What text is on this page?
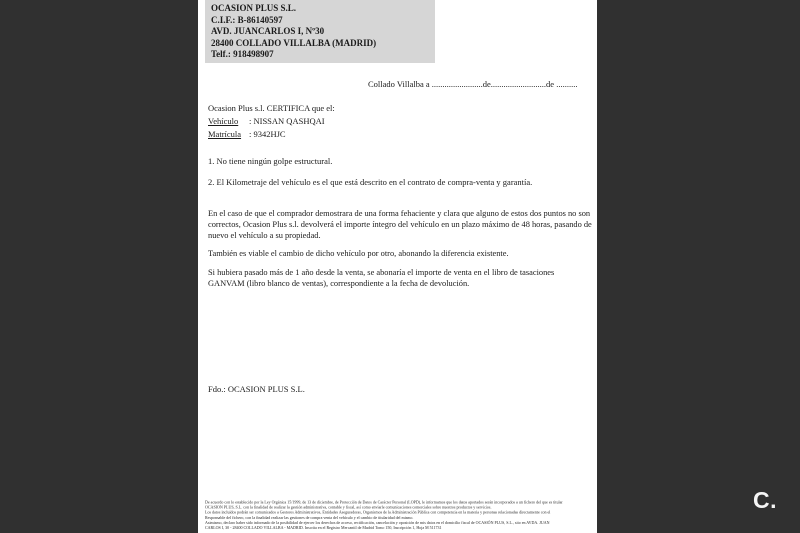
OCASION PLUS S.L.
C.I.F.: B-86140597
AVD. JUANCARLOS I, Nº30
28400 COLLADO VILLALBA (MADRID)
Telf.: 918498907
Collado Villalba a ........................de..........................de ..........
Ocasion Plus s.l. CERTIFICA que el:
Vehículo : NISSAN QASHQAI
Matrícula : 9342HJC
1. No tiene ningún golpe estructural.
2. El Kilometraje del vehículo es el que está descrito en el contrato de compra-venta y garantía.
En el caso de que el comprador demostrara de una forma fehaciente y clara que alguno de estos dos puntos no son correctos, Ocasion Plus s.l. devolverá el importe íntegro del vehículo en un plazo máximo de 48 horas, pasando de nuevo el vehículo a su propiedad.
También es viable el cambio de dicho vehículo por otro, abonando la diferencia existente.
Si hubiera pasado más de 1 año desde la venta, se abonaría el importe de venta en el libro de tasaciones GANVAM (libro blanco de ventas), correspondiente a la fecha de devolución.
Fdo.: OCASION PLUS S.L.
De acuerdo con lo establecido por la Ley Orgánica 15/1999, de 13 de diciembre, de Protección de Datos de Carácter Personal (LOPD), le informamos que los datos aportados serán incorporados a un fichero del que es titular
OCASION PLUS, S.L. con la finalidad de realizar la gestión administrativa, contable y fiscal, así como enviarle comunicaciones comerciales sobre nuestros productos y servicios.
Los datos incluidos podrán ser comunicados a Gestores Administrativos, Entidades Aseguradoras, Organismos de la Administración Pública con competencia en la materia y personas relacionadas directamente con el
Responsable del fichero, con la finalidad realizar las gestiones de compra venta del vehículo y el cambio de titularidad del mismo.
Asimismo, declaro haber sido informado de la posibilidad de ejercer los derechos de acceso, rectificación, cancelación y oposición de mis datos en el domicilio fiscal de OCASIÓN PLUS, S.L., sito en AVDA. JUAN
CARLOS I, 30 - 28400 COLLADO VILLALBA - MADRID. Inscrita en el Registro Mercantil de Madrid Tomo 150, Inscripción 1, Hoja M 511731
C.
